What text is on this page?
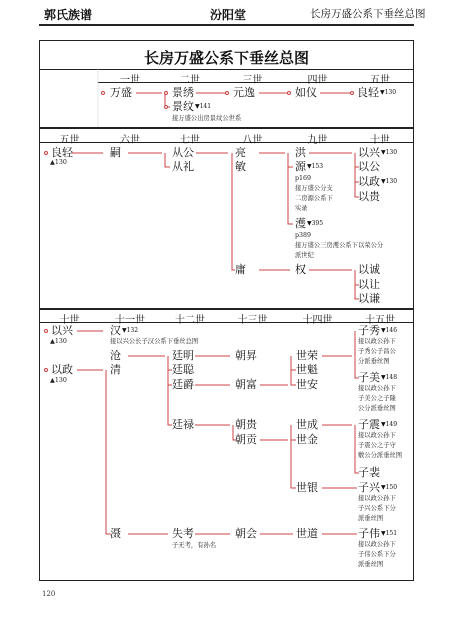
郭氏族谱	汾阳堂	长房万盛公系下垂丝总图
长房万盛公系下垂丝总图
一世	二世	三世	四世	五世
五世	六世	七世	八世	九世	十世
十世	十一世	十二世	十三世	十四世	十五世
万盛	景绣
景纹$^{▼141}$
接万盛公出房景纹公世系
元逸	如仪	良轻$^{▼130}$
良轻
▲130
嗣	从公
从礼
亮
敏
庸
洪
源$^{▼153}$
p169
接万盛公分支
二房源公系下
实录
濩$^{▼395}$
p389
接万盛公三房濩公系下以荣公分
派世纪
权
以兴$^{▼130}$
以公
以政$^{▼130}$
以贵
以诚
以让
以谦
以兴
▲130
以政
▲130
汉$^{▼132}$
接以兴公长子汉公系下垂丝总图
沧
清
滠
廷明
廷聪
廷爵
廷禄
失考
子无考，有孙名
朝昇
朝富
朝贵
朝贡
朝会
世荣
世魁
世安
世成
世金
世银
世道
子秀$^{▼146}$
接以政公孙下
子秀公子昌公
分派垂丝图
子美$^{▼148}$
接以政公孙下
子美公之子隆
公分派垂丝图
子震$^{▼149}$
接以政公孙下
子震公之子守
敷公分派垂丝图
子裴
子兴$^{▼150}$
接以政公孙下
子兴公系下分
派垂丝图
子伟$^{▼151}$
接以政公孙下
子伟公系下分
派垂丝图
120
